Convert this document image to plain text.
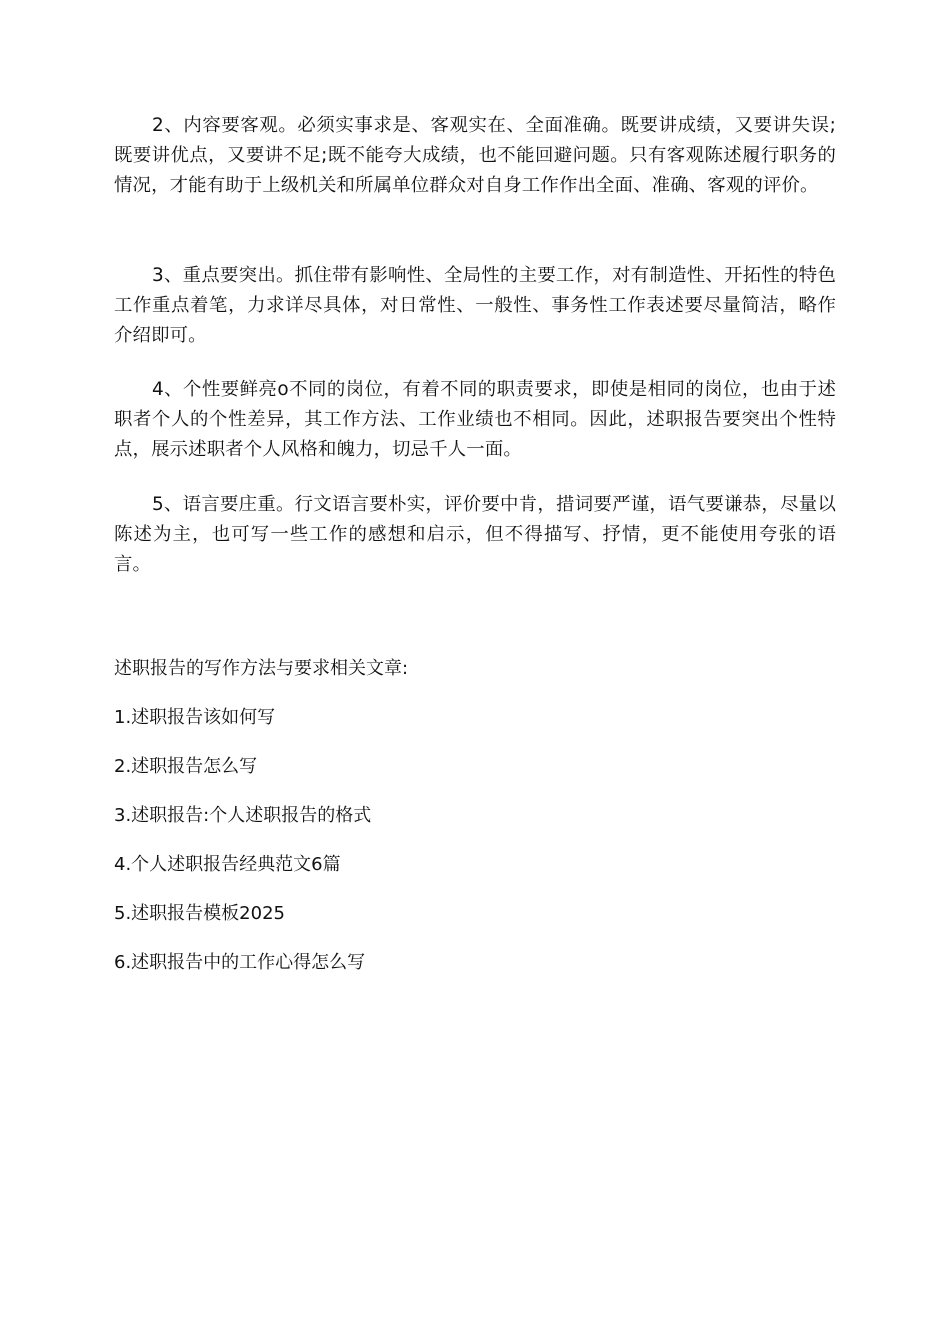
2、内容要客观。必须实事求是、客观实在、全面准确。既要讲成绩，又要讲失误;既要讲优点，又要讲不足;既不能夸大成绩，也不能回避问题。只有客观陈述履行职务的情况，才能有助于上级机关和所属单位群众对自身工作作出全面、准确、客观的评价。

3、重点要突出。抓住带有影响性、全局性的主要工作，对有制造性、开拓性的特色工作重点着笔，力求详尽具体，对日常性、一般性、事务性工作表述要尽量简洁，略作介绍即可。

4、个性要鲜亮o不同的岗位，有着不同的职责要求，即使是相同的岗位，也由于述职者个人的个性差异，其工作方法、工作业绩也不相同。因此，述职报告要突出个性特点，展示述职者个人风格和魄力，切忌千人一面。

5、语言要庄重。行文语言要朴实，评价要中肯，措词要严谨，语气要谦恭，尽量以陈述为主，也可写一些工作的感想和启示，但不得描写、抒情，更不能使用夸张的语言。

述职报告的写作方法与要求相关文章:

1.述职报告该如何写
2.述职报告怎么写
3.述职报告:个人述职报告的格式
4.个人述职报告经典范文6篇
5.述职报告模板2025
6.述职报告中的工作心得怎么写
